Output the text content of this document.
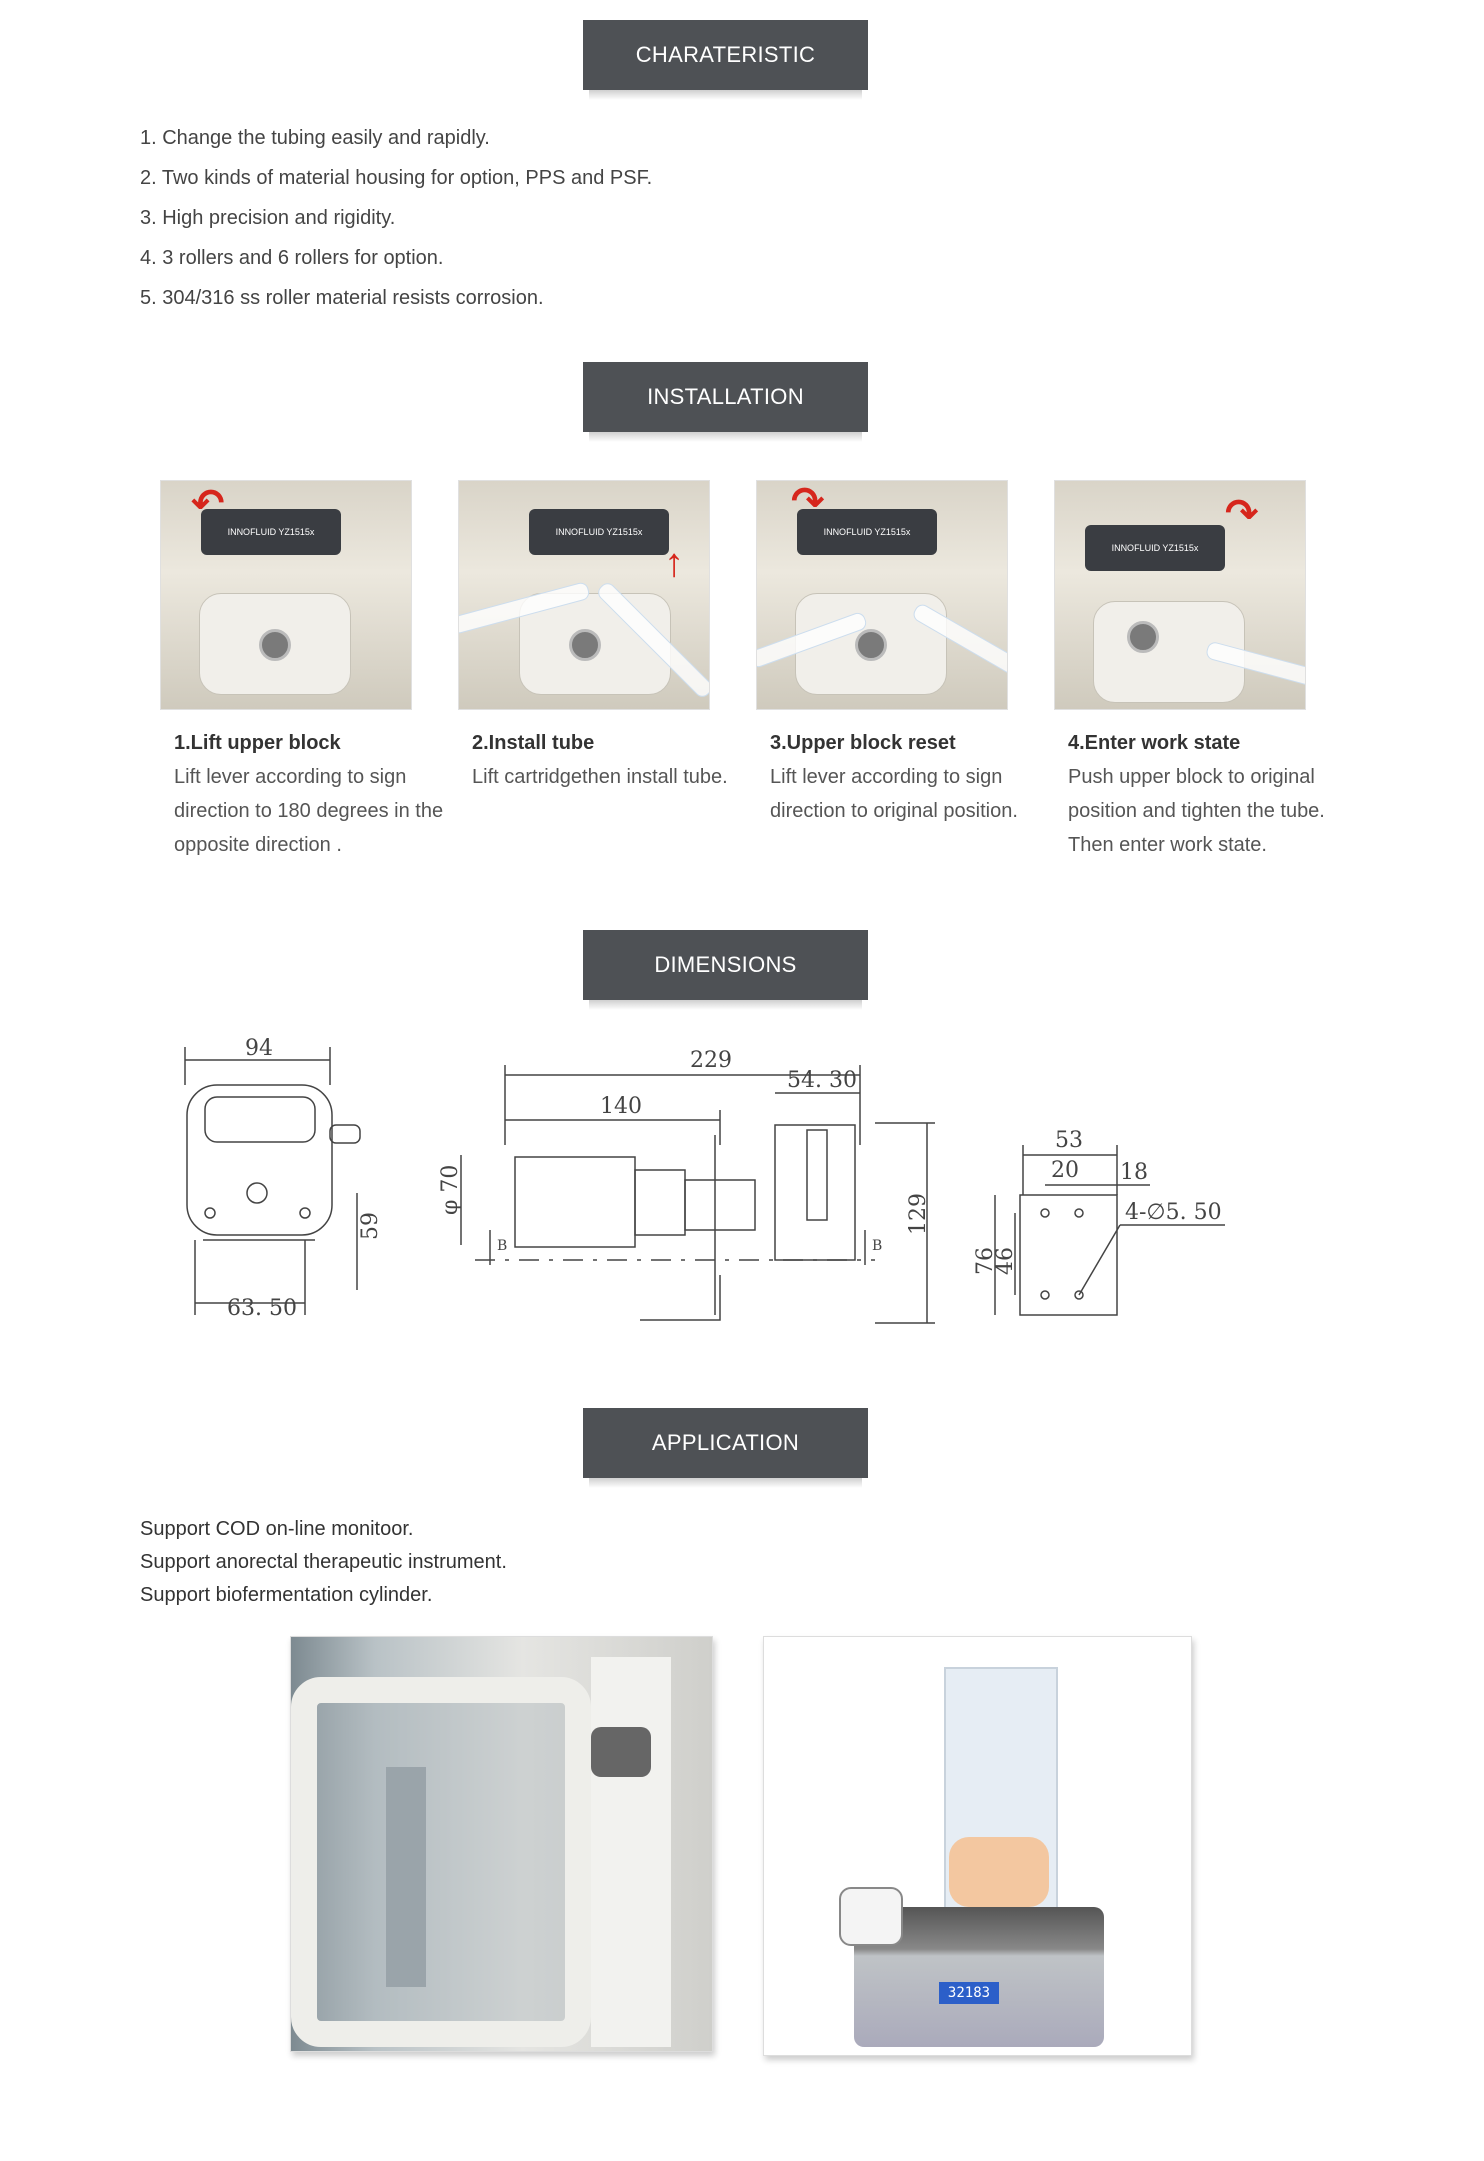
CHARATERISTIC
1. Change the tubing easily and rapidly.
2. Two kinds of material housing for option, PPS and PSF.
3. High precision and rigidity.
4. 3 rollers and 6 rollers for option.
5. 304/316 ss roller material resists corrosion.
INSTALLATION
INNOFLUID YZ1515x
↶
1.Lift upper block
Lift lever according to sign direction to 180 degrees in the opposite direction .
INNOFLUID YZ1515x
↑
2.Install tube
Lift cartridgethen install tube.
INNOFLUID YZ1515x
↷
3.Upper block reset
Lift lever according to sign direction to original position.
INNOFLUID YZ1515x
↷
4.Enter work state
Push upper block to original position and tighten the tube. Then enter work state.
DIMENSIONS
94
63. 50
59
229
140
54. 30
φ 70
B	B
129
53
20 18
76
46
4-∅5. 50
APPLICATION
Support COD on-line monitoor.
Support anorectal therapeutic instrument.
Support biofermentation cylinder.
32183
